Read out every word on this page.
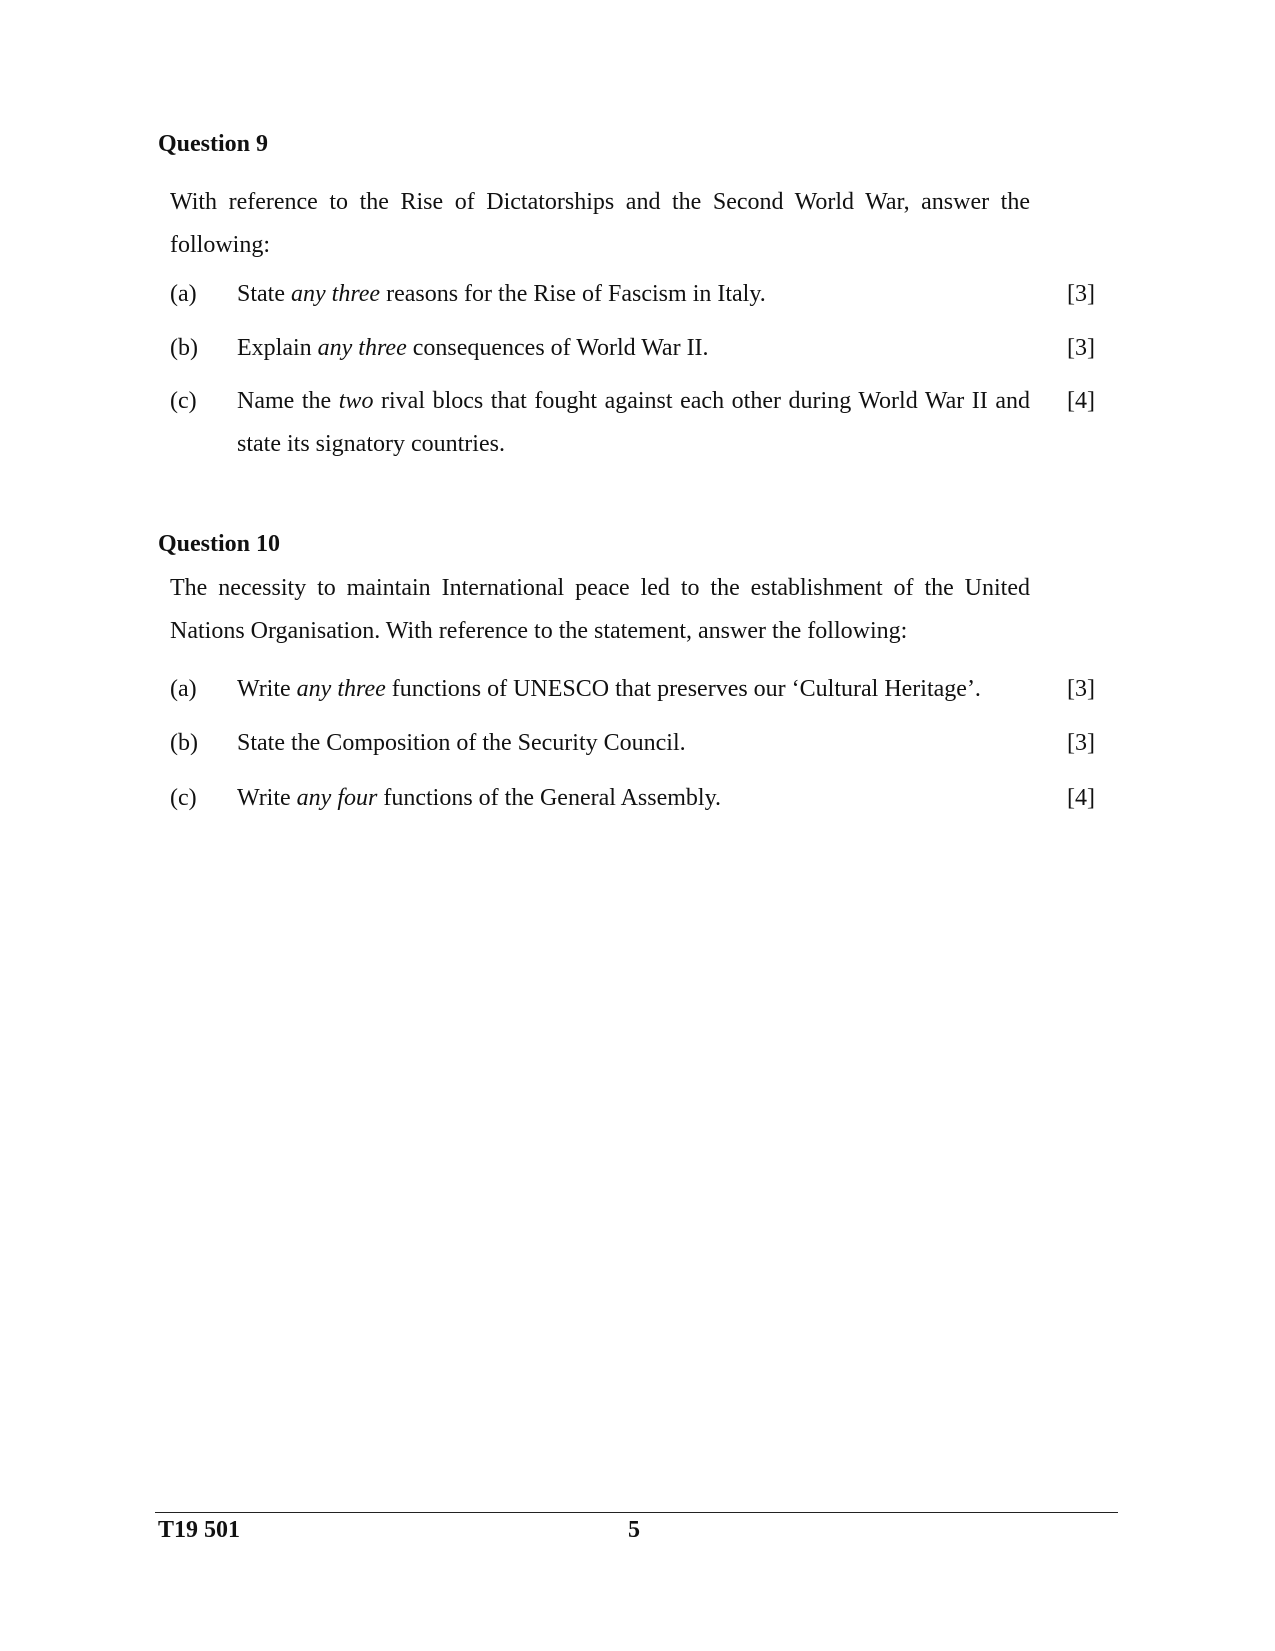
Question 9
With reference to the Rise of Dictatorships and the Second World War, answer the following:
(a) State any three reasons for the Rise of Fascism in Italy.	[3]
(b) Explain any three consequences of World War II.	[3]
(c) Name the two rival blocs that fought against each other during World War II and state its signatory countries.
[4]
Question 10
The necessity to maintain International peace led to the establishment of the United Nations Organisation. With reference to the statement, answer the following:
(a) Write any three functions of UNESCO that preserves our ‘Cultural Heritage’.	[3]
(b) State the Composition of the Security Council.	[3]
(c) Write any four functions of the General Assembly.	[4]
T19 501	5
